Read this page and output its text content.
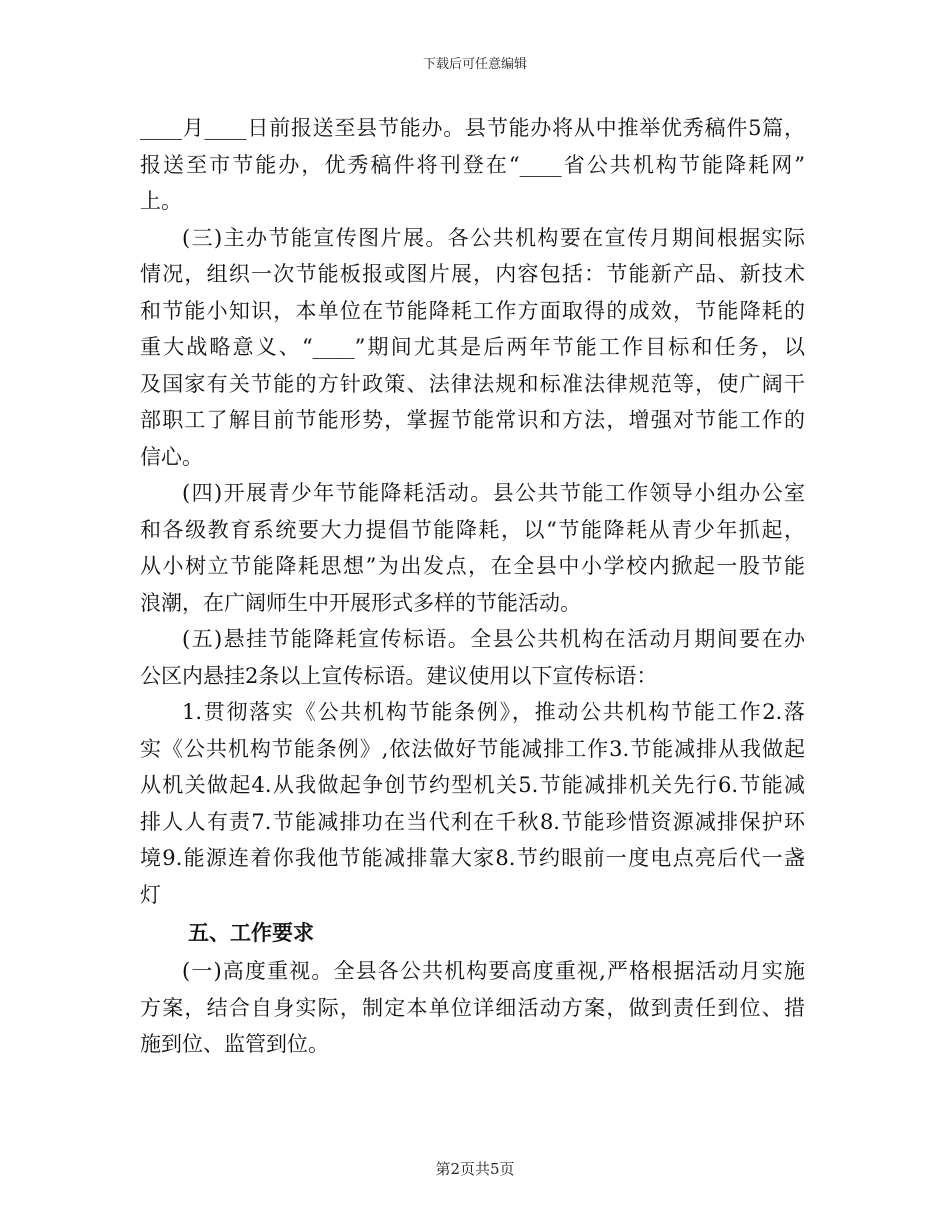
下载后可任意编辑
____月____日前报送至县节能办。县节能办将从中推举优秀稿件5篇，
报送至市节能办，优秀稿件将刊登在“____省公共机构节能降耗网”
上。
(三)主办节能宣传图片展。各公共机构要在宣传月期间根据实际
情况，组织一次节能板报或图片展，内容包括：节能新产品、新技术
和节能小知识，本单位在节能降耗工作方面取得的成效，节能降耗的
重大战略意义、“____”期间尤其是后两年节能工作目标和任务，以
及国家有关节能的方针政策、法律法规和标准法律规范等，使广阔干
部职工了解目前节能形势，掌握节能常识和方法，增强对节能工作的
信心。
(四)开展青少年节能降耗活动。县公共节能工作领导小组办公室
和各级教育系统要大力提倡节能降耗，以“节能降耗从青少年抓起，
从小树立节能降耗思想”为出发点，在全县中小学校内掀起一股节能
浪潮，在广阔师生中开展形式多样的节能活动。
(五)悬挂节能降耗宣传标语。全县公共机构在活动月期间要在办
公区内悬挂2条以上宣传标语。建议使用以下宣传标语：
1.贯彻落实《公共机构节能条例》，推动公共机构节能工作2.落
实《公共机构节能条例》,依法做好节能减排工作3.节能减排从我做起
从机关做起4.从我做起争创节约型机关5.节能减排机关先行6.节能减
排人人有责7.节能减排功在当代利在千秋8.节能珍惜资源减排保护环
境9.能源连着你我他节能减排靠大家8.节约眼前一度电点亮后代一盏
灯
五、工作要求
(一)高度重视。全县各公共机构要高度重视,严格根据活动月实施
方案，结合自身实际，制定本单位详细活动方案，做到责任到位、措
施到位、监管到位。
第2页共5页
